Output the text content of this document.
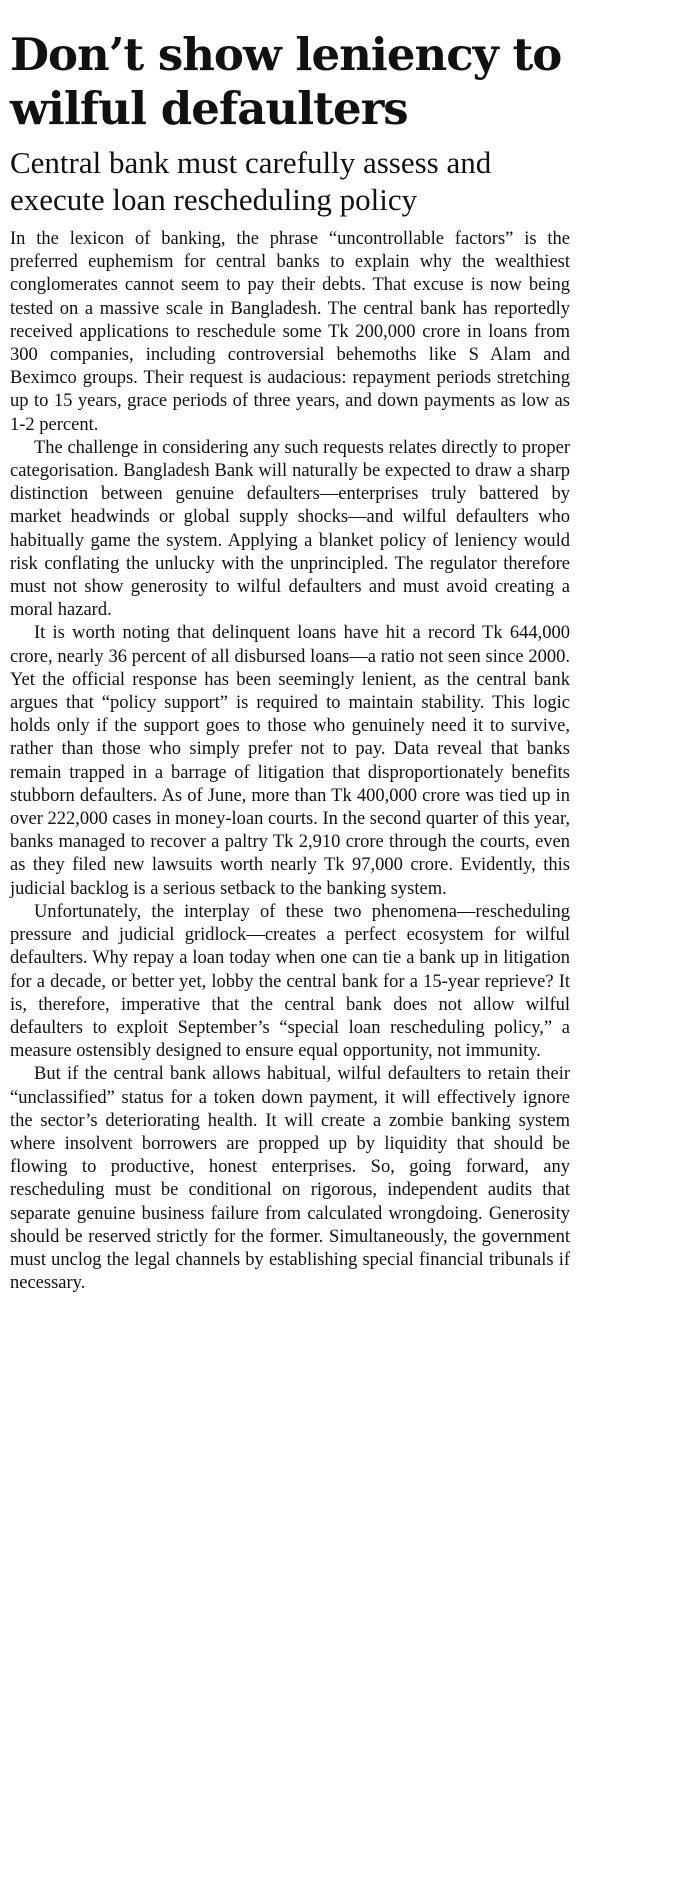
Don’t show leniency to wilful defaulters
Central bank must carefully assess and execute loan rescheduling policy

In the lexicon of banking, the phrase “uncontrollable factors” is the preferred euphemism for central banks to explain why the wealthiest conglomerates cannot seem to pay their debts. That excuse is now being tested on a massive scale in Bangladesh. The central bank has reportedly received applications to reschedule some Tk 200,000 crore in loans from 300 companies, including controversial behemoths like S Alam and Beximco groups. Their request is audacious: repayment periods stretching up to 15 years, grace periods of three years, and down payments as low as 1-2 percent.

The challenge in considering any such requests relates directly to proper categorisation. Bangladesh Bank will naturally be expected to draw a sharp distinction between genuine defaulters—enterprises truly battered by market headwinds or global supply shocks—and wilful defaulters who habitually game the system. Applying a blanket policy of leniency would risk conflating the unlucky with the unprincipled. The regulator therefore must not show generosity to wilful defaulters and must avoid creating a moral hazard.

It is worth noting that delinquent loans have hit a record Tk 644,000 crore, nearly 36 percent of all disbursed loans—a ratio not seen since 2000. Yet the official response has been seemingly lenient, as the central bank argues that “policy support” is required to maintain stability. This logic holds only if the support goes to those who genuinely need it to survive, rather than those who simply prefer not to pay. Data reveal that banks remain trapped in a barrage of litigation that disproportionately benefits stubborn defaulters. As of June, more than Tk 400,000 crore was tied up in over 222,000 cases in money-loan courts. In the second quarter of this year, banks managed to recover a paltry Tk 2,910 crore through the courts, even as they filed new lawsuits worth nearly Tk 97,000 crore. Evidently, this judicial backlog is a serious setback to the banking system.

Unfortunately, the interplay of these two phenomena—rescheduling pressure and judicial gridlock—creates a perfect ecosystem for wilful defaulters. Why repay a loan today when one can tie a bank up in litigation for a decade, or better yet, lobby the central bank for a 15-year reprieve? It is, therefore, imperative that the central bank does not allow wilful defaulters to exploit September’s “special loan rescheduling policy,” a measure ostensibly designed to ensure equal opportunity, not immunity.

But if the central bank allows habitual, wilful defaulters to retain their “unclassified” status for a token down payment, it will effectively ignore the sector’s deteriorating health. It will create a zombie banking system where insolvent borrowers are propped up by liquidity that should be flowing to productive, honest enterprises. So, going forward, any rescheduling must be conditional on rigorous, independent audits that separate genuine business failure from calculated wrongdoing. Generosity should be reserved strictly for the former. Simultaneously, the government must unclog the legal channels by establishing special financial tribunals if necessary.
